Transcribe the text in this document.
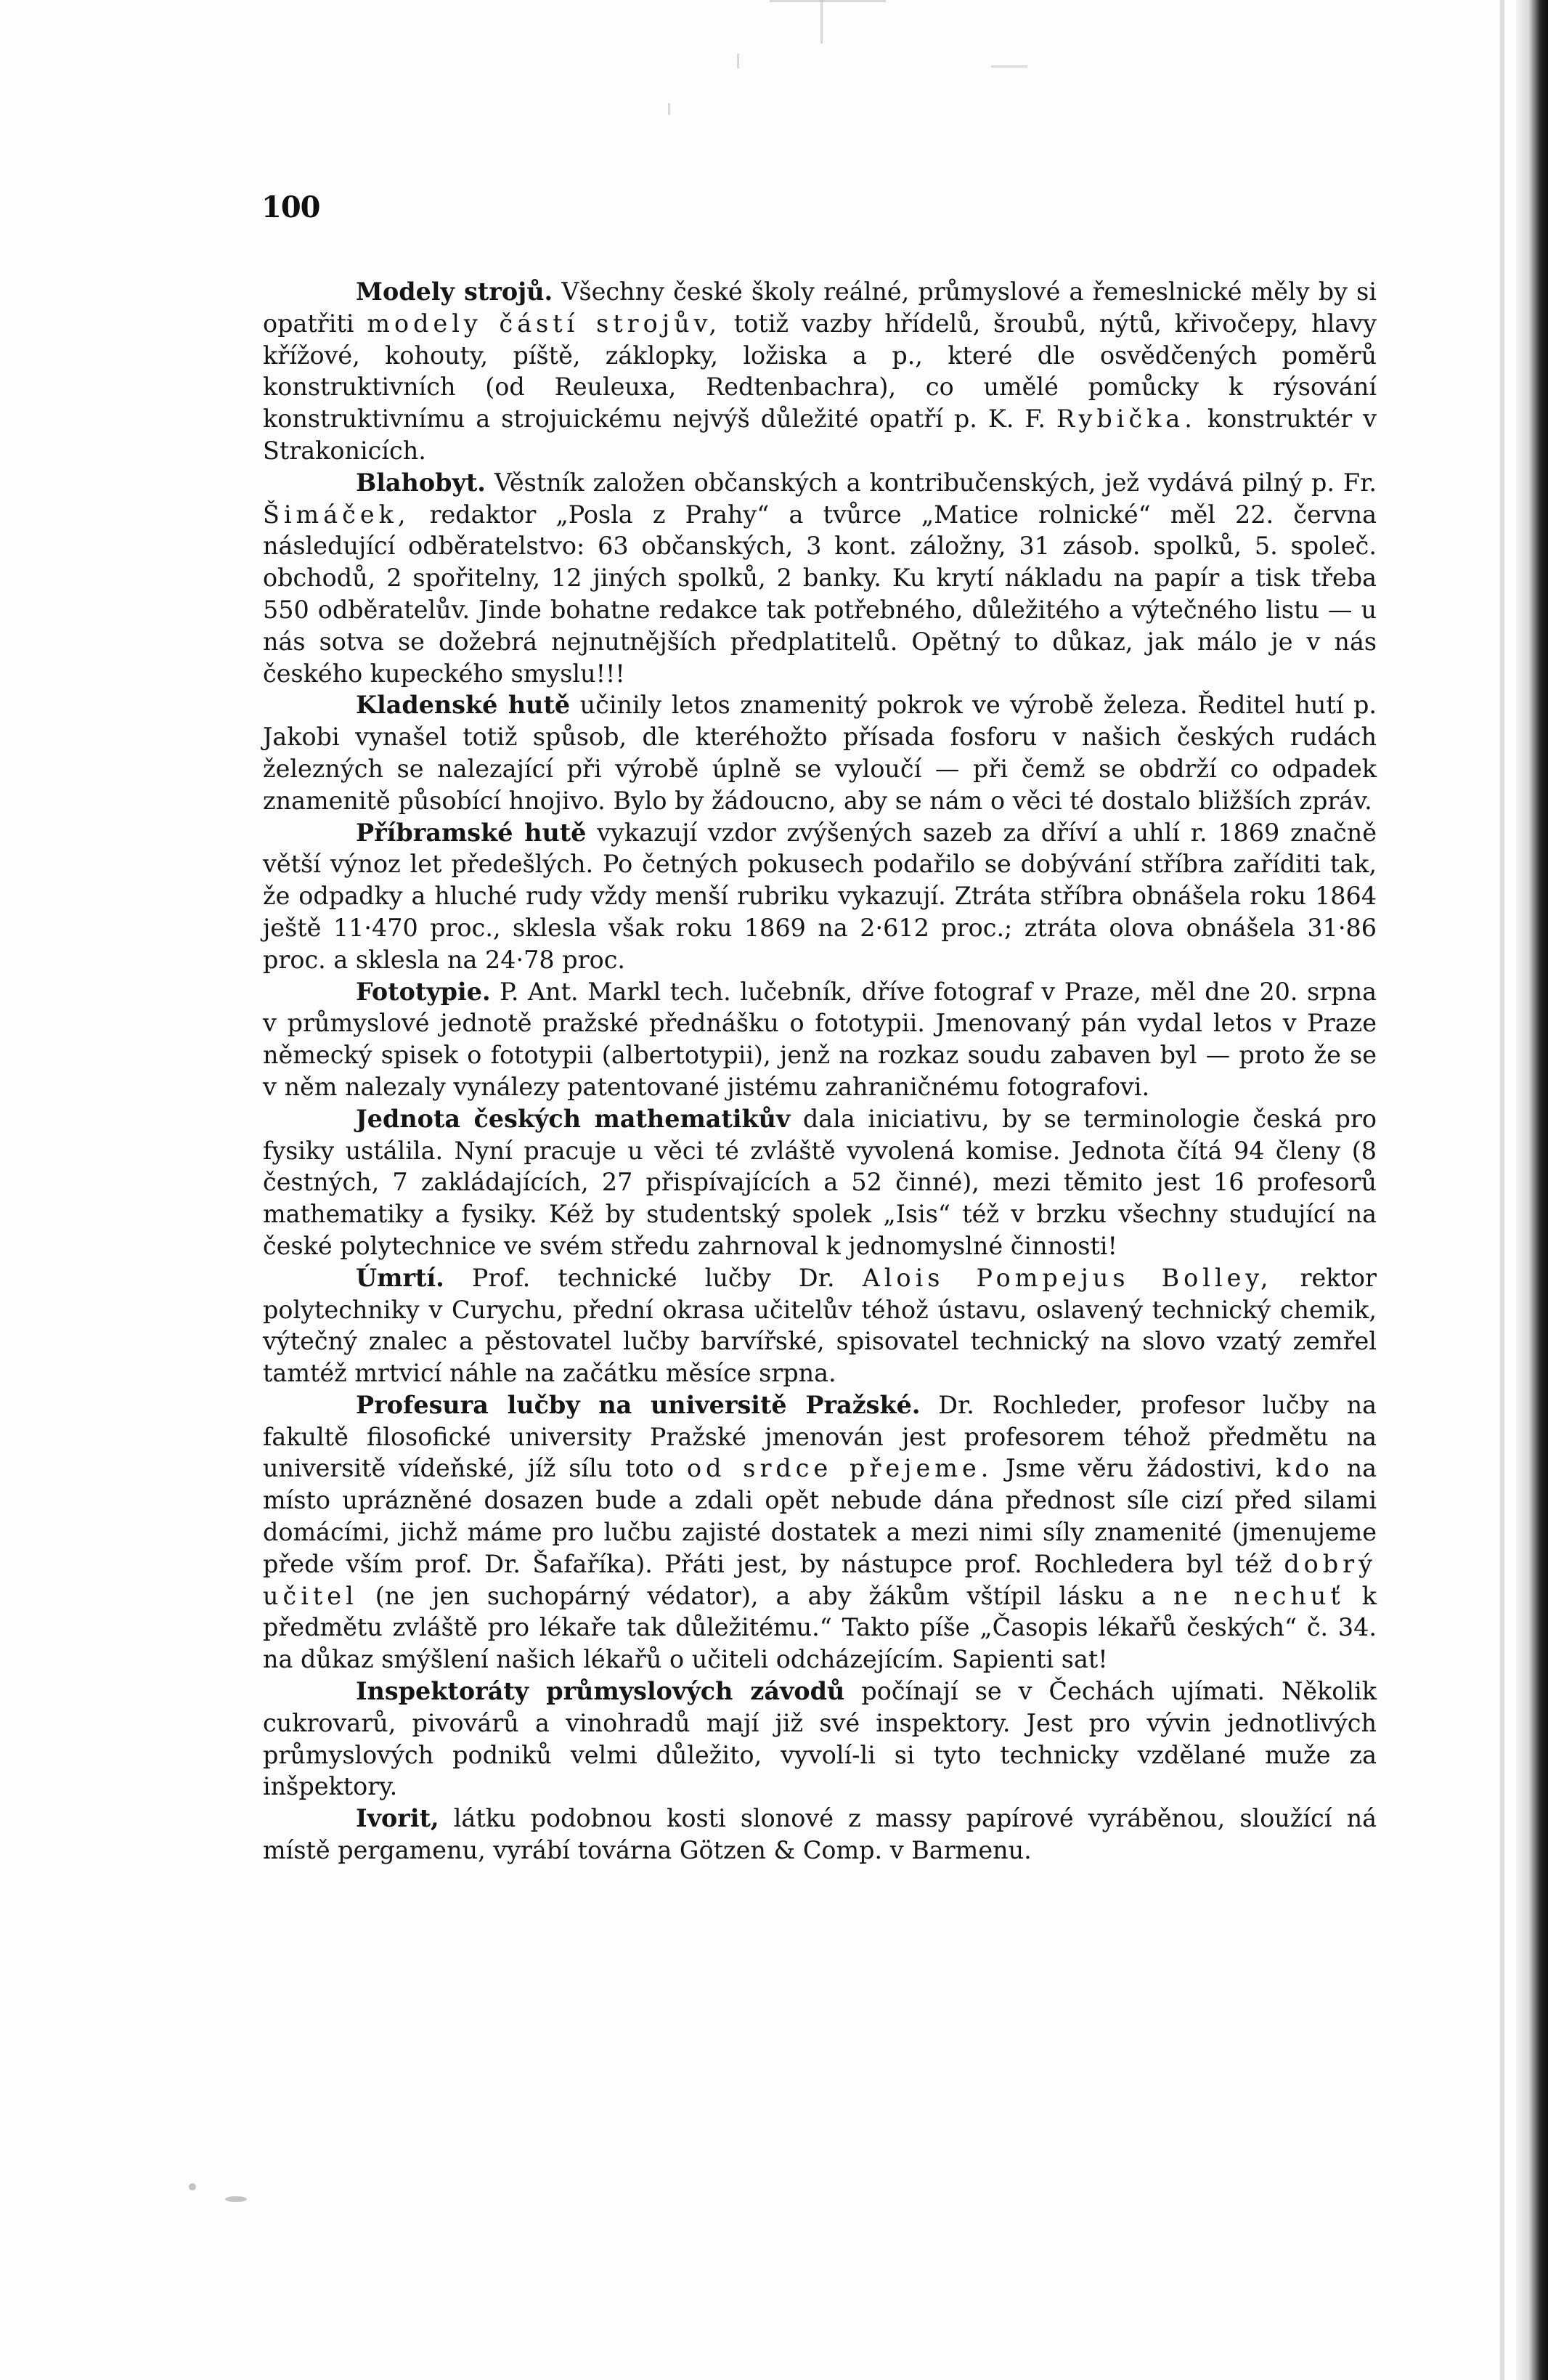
100

Modely strojů. Všechny české školy reálné, průmyslové a řemeslnické měly by si opatřiti modely částí strojův, totiž vazby hřídelů, šroubů, nýtů, křivočepy, hlavy křížové, kohouty, píště, záklopky, ložiska a p., které dle osvědčených poměrů konstruktivních (od Reuleuxa, Redtenbachra), co umělé pomůcky k rýsování konstruktivnímu a strojuickému nejvýš důležité opatří p. K. F. Rybička. konstruktér v Strakonicích.

Blahobyt. Věstník založen občanských a kontribučenských, jež vydává pilný p. Fr. Šimáček, redaktor „Posla z Prahy“ a tvůrce „Matice rolnické“ měl 22. června následující odběratelstvo: 63 občanských, 3 kont. záložny, 31 zásob. spolků, 5. společ. obchodů, 2 spořitelny, 12 jiných spolků, 2 banky. Ku krytí nákladu na papír a tisk třeba 550 odběratelův. Jinde bohatne redakce tak potřebného, důležitého a výtečného listu — u nás sotva se dožebrá nejnutnějších předplatitelů. Opětný to důkaz, jak málo je v nás českého kupeckého smyslu!!!

Kladenské hutě učinily letos znamenitý pokrok ve výrobě železa. Ředitel hutí p. Jakobi vynašel totiž spůsob, dle kteréhožto přísada fosforu v našich českých rudách železných se nalezající při výrobě úplně se vyloučí — při čemž se obdrží co odpadek znamenitě působící hnojivo. Bylo by žádoucno, aby se nám o věci té dostalo bližších zpráv.

Příbramské hutě vykazují vzdor zvýšených sazeb za dříví a uhlí r. 1869 značně větší výnoz let předešlých. Po četných pokusech podařilo se dobývání stříbra zaříditi tak, že odpadky a hluché rudy vždy menší rubriku vykazují. Ztráta stříbra obnášela roku 1864 ještě 11·470 proc., sklesla však roku 1869 na 2·612 proc.; ztráta olova obnášela 31·86 proc. a sklesla na 24·78 proc.

Fototypie. P. Ant. Markl tech. lučebník, dříve fotograf v Praze, měl dne 20. srpna v průmyslové jednotě pražské přednášku o fototypii. Jmenovaný pán vydal letos v Praze německý spisek o fototypii (albertotypii), jenž na rozkaz soudu zabaven byl — proto že se v něm nalezaly vynálezy patentované jistému zahraničnému fotografovi.

Jednota českých mathematikův dala iniciativu, by se terminologie česká pro fysiky ustálila. Nyní pracuje u věci té zvláště vyvolená komise. Jednota čítá 94 členy (8 čestných, 7 zakládajících, 27 přispívajících a 52 činné), mezi těmito jest 16 profesorů mathematiky a fysiky. Kéž by studentský spolek „Isis“ též v brzku všechny studující na české polytechnice ve svém středu zahrnoval k jednomyslné činnosti!

Úmrtí. Prof. technické lučby Dr. Alois Pompejus Bolley, rektor polytechniky v Curychu, přední okrasa učitelův téhož ústavu, oslavený technický chemik, výtečný znalec a pěstovatel lučby barvířské, spisovatel technický na slovo vzatý zemřel tamtéž mrtvicí náhle na začátku měsíce srpna.

Profesura lučby na universitě Pražské. Dr. Rochleder, profesor lučby na fakultě filosofické university Pražské jmenován jest profesorem téhož předmětu na universitě vídeňské, jíž sílu toto od srdce přejeme. Jsme věru žádostivi, kdo na místo uprázněné dosazen bude a zdali opět nebude dána přednost síle cizí před silami domácími, jichž máme pro lučbu zajisté dostatek a mezi nimi síly znamenité (jmenujeme přede vším prof. Dr. Šafaříka). Přáti jest, by nástupce prof. Rochledera byl též dobrý učitel (ne jen suchopárný védator), a aby žákům vštípil lásku a ne nechuť k předmětu zvláště pro lékaře tak důležitému.“ Takto píše „Časopis lékařů českých“ č. 34. na důkaz smýšlení našich lékařů o učiteli odcházejícím. Sapienti sat!

Inspektoráty průmyslových závodů počínají se v Čechách ujímati. Několik cukrovarů, pivovárů a vinohradů mají již své inspektory. Jest pro vývin jednotlivých průmyslových podniků velmi důležito, vyvolí-li si tyto technicky vzdělané muže za inšpektory.

Ivorit, látku podobnou kosti slonové z massy papírové vyráběnou, sloužící ná místě pergamenu, vyrábí továrna Götzen & Comp. v Barmenu.
